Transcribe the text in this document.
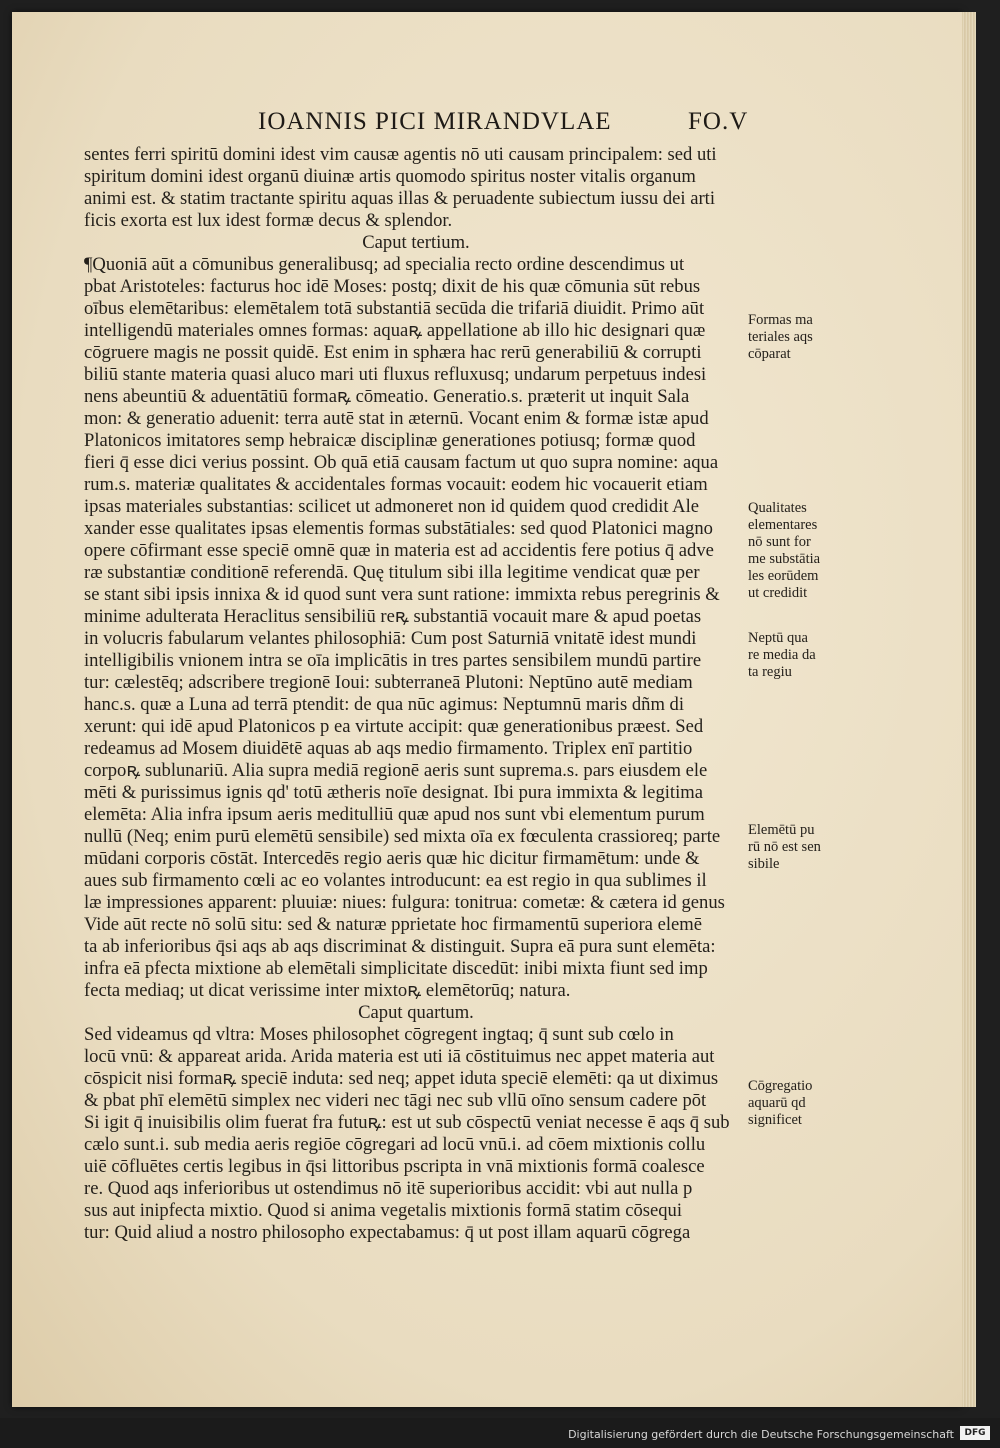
IOANNIS PICI MIRANDVLAE	FO.V
sentes ferri spiritū domini idest vim causæ agentis nō uti causam principalem: sed uti
spiritum domini idest organū diuinæ artis quomodo spiritus noster vitalis organum
animi est. & statim tractante spiritu aquas illas & peruadente subiectum iussu dei arti
ficis exorta est lux idest formæ decus & splendor.
Caput tertium.
¶Quoniā aūt a cōmunibus generalibusq; ad specialia recto ordine descendimus ut
pbat Aristoteles: facturus hoc idē Moses: postq; dixit de his quæ cōmunia sūt rebus
oībus elemētaribus: elemētalem totā substantiā secūda die trifariā diuidit. Primo aūt
intelligendū materiales omnes formas: aquaꝶ appellatione ab illo hic designari quæ
cōgruere magis ne possit quidē. Est enim in sphæra hac rerū generabiliū & corrupti
biliū stante materia quasi aluco mari uti fluxus refluxusq; undarum perpetuus indesi
nens abeuntiū & aduentātiū formaꝶ cōmeatio. Generatio.s. præterit ut inquit Sala
mon: & generatio aduenit: terra autē stat in æternū. Vocant enim & formæ istæ apud
Platonicos imitatores semp hebraicæ disciplinæ generationes potiusq; formæ quod
fieri q̄ esse dici verius possint. Ob quā etiā causam factum ut quo supra nomine: aqua
rum.s. materiæ qualitates & accidentales formas vocauit: eodem hic vocauerit etiam
ipsas materiales substantias: scilicet ut admoneret non id quidem quod credidit Ale
xander esse qualitates ipsas elementis formas substātiales: sed quod Platonici magno
opere cōfirmant esse speciē omnē quæ in materia est ad accidentis fere potius q̄ adve
ræ substantiæ conditionē referendā. Quę titulum sibi illa legitime vendicat quæ per
se stant sibi ipsis innixa & id quod sunt vera sunt ratione: immixta rebus peregrinis &
minime adulterata Heraclitus sensibiliū reꝶ substantiā vocauit mare & apud poetas
in volucris fabularum velantes philosophiā: Cum post Saturniā vnitatē idest mundi
intelligibilis vnionem intra se oīa implicātis in tres partes sensibilem mundū partire
tur: cælestēq; adscribere tregionē Ioui: subterraneā Plutoni: Neptūno autē mediam
hanc.s. quæ a Luna ad terrā ptendit: de qua nūc agimus: Neptumnū maris dñm di
xerunt: qui idē apud Platonicos p ea virtute accipit: quæ generationibus præest. Sed
redeamus ad Mosem diuidētē aquas ab aqs medio firmamento. Triplex enī partitio
corpoꝶ sublunariū. Alia supra mediā regionē aeris sunt suprema.s. pars eiusdem ele
mēti & purissimus ignis qd' totū ætheris noīe designat. Ibi pura immixta & legitima
elemēta: Alia infra ipsum aeris meditulliū quæ apud nos sunt vbi elementum purum
nullū (Neq; enim purū elemētū sensibile) sed mixta oīa ex fœculenta crassioreq; parte
mūdani corporis cōstāt. Intercedēs regio aeris quæ hic dicitur firmamētum: unde &
aues sub firmamento cœli ac eo volantes introducunt: ea est regio in qua sublimes il
læ impressiones apparent: pluuiæ: niues: fulgura: tonitrua: cometæ: & cætera id genus
Vide aūt recte nō solū situ: sed & naturæ pprietate hoc firmamentū superiora elemē
ta ab inferioribus q̄si aqs ab aqs discriminat & distinguit. Supra eā pura sunt elemēta:
infra eā pfecta mixtione ab elemētali simplicitate discedūt: inibi mixta fiunt sed imp
fecta mediaq; ut dicat verissime inter mixtoꝶ elemētorūq; natura.
Caput quartum.
Sed videamus qd vltra: Moses philosophet cōgregent ingtaq; q̄ sunt sub cœlo in
locū vnū: & appareat arida. Arida materia est uti iā cōstituimus nec appet materia aut
cōspicit nisi formaꝶ speciē induta: sed neq; appet iduta speciē elemēti: qa ut diximus
& pbat phī elemētū simplex nec videri nec tāgi nec sub vllū oīno sensum cadere pōt
Si igit q̄ inuisibilis olim fuerat fra futuꝶ: est ut sub cōspectū veniat necesse ē aqs q̄ sub
cælo sunt.i. sub media aeris regiōe cōgregari ad locū vnū.i. ad cōem mixtionis collu
uiē cōfluētes certis legibus in q̄si littoribus pscripta in vnā mixtionis formā coalesce
re. Quod aqs inferioribus ut ostendimus nō itē superioribus accidit: vbi aut nulla p
sus aut inipfecta mixtio. Quod si anima vegetalis mixtionis formā statim cōsequi
tur: Quid aliud a nostro philosopho expectabamus: q̄ ut post illam aquarū cōgrega
Formas ma
teriales aqs
cōparat
Qualitates
elementares
nō sunt for
me substātia
les eorūdem
ut credidit
Neptū qua
re media da
ta regiu
Elemētū pu
rū nō est sen
sibile
Cōgregatio
aquarū qd
significet
Digitalisierung gefördert durch die Deutsche Forschungsgemeinschaft	DFG
